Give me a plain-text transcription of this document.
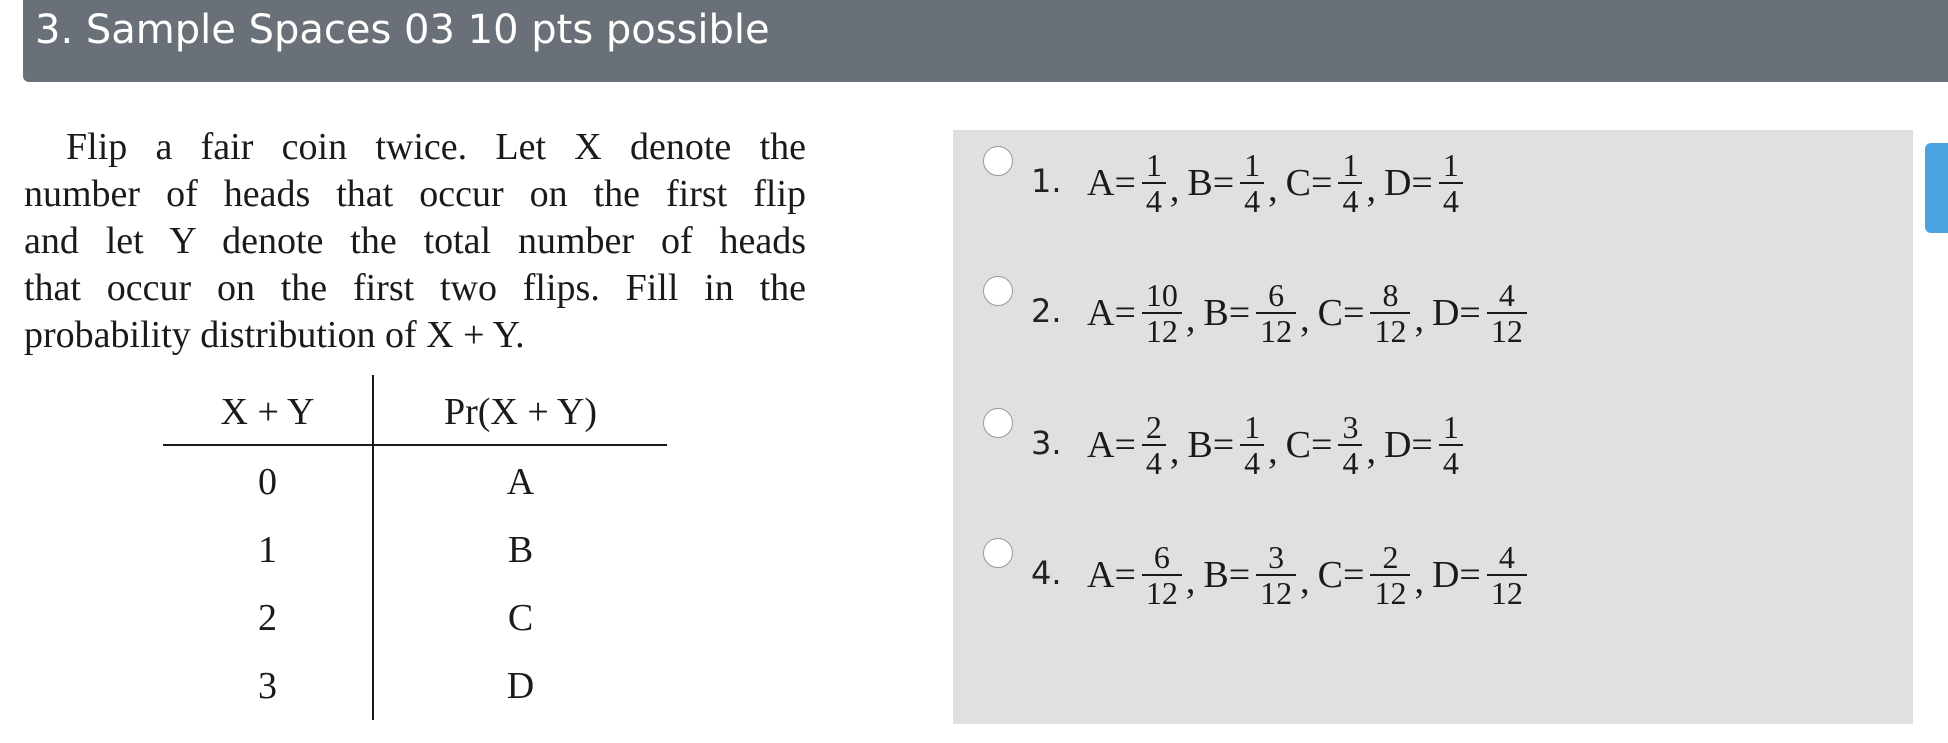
3. Sample Spaces 03 10 pts possible
Flip a fair coin twice. Let X denote the
number of heads that occur on the first flip
and let Y denote the total number of heads
that occur on the first two flips. Fill in the
probability distribution of X + Y.
X + Y	Pr(X + Y)
0	A
1	B
2	C
3	D
1. $A= \frac{1}{4}$ , $B= \frac{1}{4}$ , $C= \frac{1}{4}$ , $D= \frac{1}{4}$
2. $A= \frac{10}{12}$ , $B= \frac{6}{12}$ , $C= \frac{8}{12}$ , $D= \frac{4}{12}$
3. $A= \frac{2}{4}$ , $B= \frac{1}{4}$ , $C= \frac{3}{4}$ , $D= \frac{1}{4}$
4. $A= \frac{6}{12}$ , $B= \frac{3}{12}$ , $C= \frac{2}{12}$ , $D= \frac{4}{12}$
